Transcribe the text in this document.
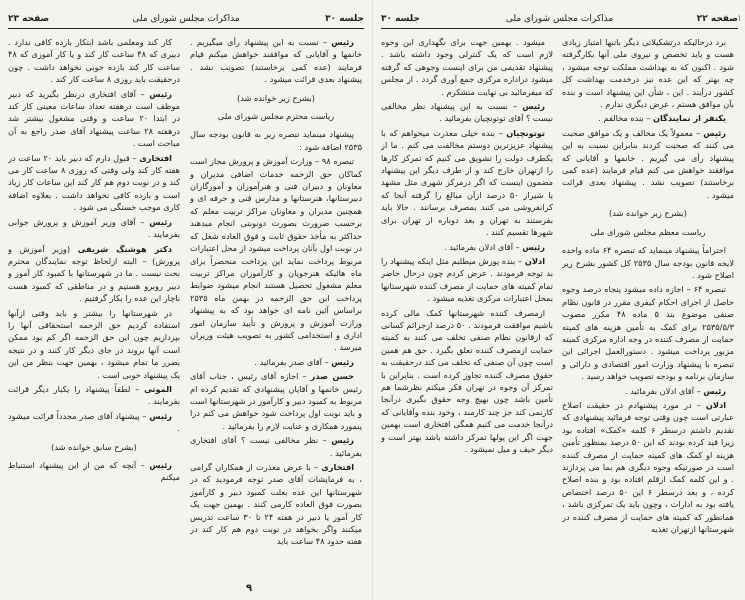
جلسه ۳۰
مذاکرات مجلس شورای ملی
صفحه ۲۳

رئیس – نسبت به این پیشنهاد رأی میگیریم . خانمها و آقایانی که موافقند خواهش میکنم قیام فرمایند (عده کمی برخاستند) تصویب نشد . پیشنهاد بعدی قرائت میشود .

(بشرح زیر خوانده شد)

ریاست محترم مجلس شورای ملی

پیشنهاد مینماید تبصره زیر به قانون بودجه سال ۲۵۳۵ اضافه شود :

تبصره ۹۸ – وزارت آموزش و پرورش مجاز است کماکان حق الزحمه خدمات اضافی مدیران و معاونان و دبیران فنی و هنرآموزان و آموزگاران دبیرستانها، هنرستانها و مدارس فنی و حرفه ای و همچنین مدیران و معاونان مراکز تربیت معلم که برحسب ضرورت بصورت دونوبتی انجام میدهند حداکثر به مأخذ حقوق ثابت و فوق العاده شغل که در نوبت اول بآنان پرداخت میشود از محل اعتبارات مربوط پرداخت نماید این پرداخت منحصراً برای ماه هائیکه هنرجویان و کارآموزان مراکز تربیت معلم مشغول تحصیل هستند انجام میشود ضوابط پرداخت این حق الزحمه در بهمن ماه ۲۵۳۵ براساس آئین نامه ای خواهد بود که به پیشنهاد وزارت آموزش و پرورش و تأیید سازمان امور اداری و استخدامی کشور به تصویب هیئت وزیران میرسد .

رئیس – آقای صدر بفرمائید .

حسن صدر – اجازه آقای رئیس ، جناب آقای رئیس خانمها و آقایان پیشنهادی که تقدیم کرده ام مربوط به کمبود دبیر و کارآموز در شهرستانها است و باید نوبت اول پرداخت شود خواهش می کنم درا ینمورد همکاری و عنایت لازم را بفرمائید .

رئیس – نظر مخالفی نیست ؟ آقای افتخاری بفرمائید .

افتخاری – با عرض معذرت از همکاران گرامی ، به فرمایشات آقای صدر توجه فرمودید که در شهرستانها این عده بعلت کمبود دبیر و کارآموز بصورت فوق العاده کارمی کنند . بهمین جهت یک کار آموز یا دبیر در هفته ۲۴ تا ۳۰ ساعت تدریس میکنند واگر بخواهد در نوبت دوم هم کار کند در هفته حدود ۴۸ ساعت باید

کار کند ومعلمی باشد ابتکار بازده کافی ندارد . دبیری که ۴۸ ساعت کار کند و یا کار آموزی که ۴۸ ساعت کار کند بازده خوبی نخواهد داشت . چون درحقیقت باید روزی ۸ ساعت کار کند .

رئیس – آقای افتخاری درنظر بگیرید که دبیر موظف است درهفته تعداد ساعات معینی کار کند در ابتدا ۲۰ ساعت و وقتی مشغول بیشتر شد درهفته ۲۸ ساعت پیشنهاد آقای صدر راجع به آن مباحث است .

افتخاری – قبول دارم که دبیر باید ۲۰ ساعت در هفته کار کند ولی وقتی که روزی ۸ ساعت کار می کند و در نوبت دوم هم کار کند این ساعات کار زیاد است و بازده کافی نخواهد داشت . بعلاوه اضافه کاری موجب خستگی می شود .

رئیس – آقای وزیر آموزش و پرورش جوابی بفرمایند .

دکتر هوشنگ شریفی (وزیر آموزش و پرورش) – البته ازلحاظ توجه نمایندگان محترم بحث نیست . ما در شهرستانها با کمبود کار آموز و دبیر روبرو هستیم و در مناطقی که کمبود هست ناچار این عده را بکار گرفتیم .

در شهرستانها را بیشتر و باید وقتی ازآنها استفاده کردیم حق الزحمه استحقاقی آنها را بپردازیم چون این حق الزحمه اگر کم بود ممکن است آنها بروند در جای دیگر کار کنند و در نتیجه بضرر ما تمام میشود ، بهمین جهت بنظر من این یک پیشنهاد خوبی است .

الموتی – لطفاً پیشنهاد را یکبار دیگر قرائت بفرمایند .

رئیس – پیشنهاد آقای صدر مجدداً قرائت میشود .

(بشرح سابق خوانده شد)

رئیس – آنچه که من از این پیشنهاد استنباط میکنم

۹
۱
صفحه ۲۲
مذاکرات مجلس شورای ملی
جلسه ۳۰

برد درحالیکه درتشکیلاتی دیگر باتنها امتیاز زیادی هست و باید تخصص و نیروی ملی آنها بکارگرفته شود . اکنون که به بهداشت مملکت توجه میشود ، چه بهتر که این عده نیز درخدمت بهداشت کل کشور درآیند . این ، شأن این پیشنهاد است و بنده بآن موافق هستم ، عرض دیگری ندارم .

یکنفر از نمایندگان – بنده مخالفم .

رئیس – معمولاً یک مخالف و یک موافق صحبت می کنند که صحبت کردند بنابراین نسبت به این پیشنهاد رأی می گیریم . خانمها و آقایانی که موافقند خواهش می کنم قیام فرمایند (عده کمی برخاستند) تصویب نشد . پیشنهاد بعدی قرائت میشود .

(بشرح زیر خوانده شد)

ریاست معظم مجلس شورای ملی

احتراماً پیشنهاد مینماید که تبصره ۶۴ ماده واحده لایحه قانون بودجه سال ۲۵۳۵ کل کشور بشرح زیر اصلاح شود .

تبصره ۶۴ – اجازه داده میشود پنجاه درصد وجوه حاصل از اجرای احکام کیفری مقرر در قانون نظام صنفی موضوع بند ۵ ماده ۴۸ مکرر مصوب ۲۵۳۵/۵/۳ برای کمک به تأمین هزینه های کمیته حمایت از مصرف کننده در وجه اداره مرکزی کمیته مزبور پرداخت میشود . دستورالعمل اجرائی این تبصره با پیشنهاد وزارت امور اقتصادی و دارائی و سازمان برنامه و بودجه تصویب خواهد رسید .

رئیس – آقای ادلان بفرمائید .

ادلان – در مورد پیشنهادم در حقیقت اصلاح عبارتی است چون وقتی توجه فرمائید پیشنهادی که تقدیم داشتم درسطر ۶ کلمه «کمک» افتاده بود زیرا قید کرده بودند که این ۵۰ درصد بمنظور تأمین هزینه او کمک های کمیته حمایت از مصرف کننده است در صورتیکه وجوه دیگری هم بما می پردازند . و این کلمه کمک ازقلم افتاده بود و بنده اصلاح کرده ، و بعد درسطر ۶ این ۵۰ درصد اختصاص یافته بود به ادارات ، وچون باید یک تمرکزی باشد ، همانطور که کمیته های حمایت از مصرف کننده در شهرستانها ازتهران تغذیه

میشود . بهمین جهت برای نگهداری این وجوه لازم است که یک کنترلی وجود داشته باشد . پیشنهاد تقدیمی من برای اینست وجوهی که گرفته میشود دراداره مرکزی جمع آوری گردد . از مجلس که میفرمائید بی نهایت متشکرم .

رئیس – نسبت به این پیشنهاد نظر مخالفی نیست ؟ آقای توتونچیان بفرمائید .

توتونچیان – بنده خیلی معذرت میخواهم که با پیشنهاد عزیزترین دوستم مخالفت می کنم . ما از یکطرف دولت را تشویق می کنیم که تمرکز کارها را ازتهران خارج کند و از طرف دیگر این پیشنهاد مضمون اینست که اگر درمرکز شهری مثل مشهد یا شیراز ۵۰ درصد ازآن مبالغ را گرفته آنجا که کرانفروشی می کنند بمصرف برسانند . حالا باید بفرستند به تهران و بعد دوباره از تهران برای شهرها تقسیم کنند .

رئیس – آقای ادلان بفرمائید .

ادلان – بنده پوزش میطلبم مثل اینکه پیشنهاد را بد توجه فرمودند . عرض کردم چون درحال حاضر تمام کمیته های حمایت از مصرف کننده شهرستانها بمحل اعتبارات مرکزی تغذیه میشود .

ازمصرف کننده شهرستانها کمک مالی کرده باشیم موافقت فرمودند . ۵۰ درصد ازجرائم کسانی که ازقانون نظام صنفی تخلف می کنند به کمیته حمایت ازمصرف کننده تعلق بگیرد . حق هم همین است چون آن صنفی که تخلف می کند درحقیقت به حقوق مصرف کننده تجاوز کرده است . بنابراین با تمرکز آن وجوه در تهران فکر میکنم نظرشما هم تأمین باشد چون بهیچ وجه حقوق بگیری درآنجا کارنمی کند جز چند کارمند ، وخود بنده وآقایانی که درآنجا خدمت می کنیم همگی افتخاری است بهمین جهت اگر این پولها تمرکز داشته باشد بهتر است و دیگر حیف و میل نمیشود .
